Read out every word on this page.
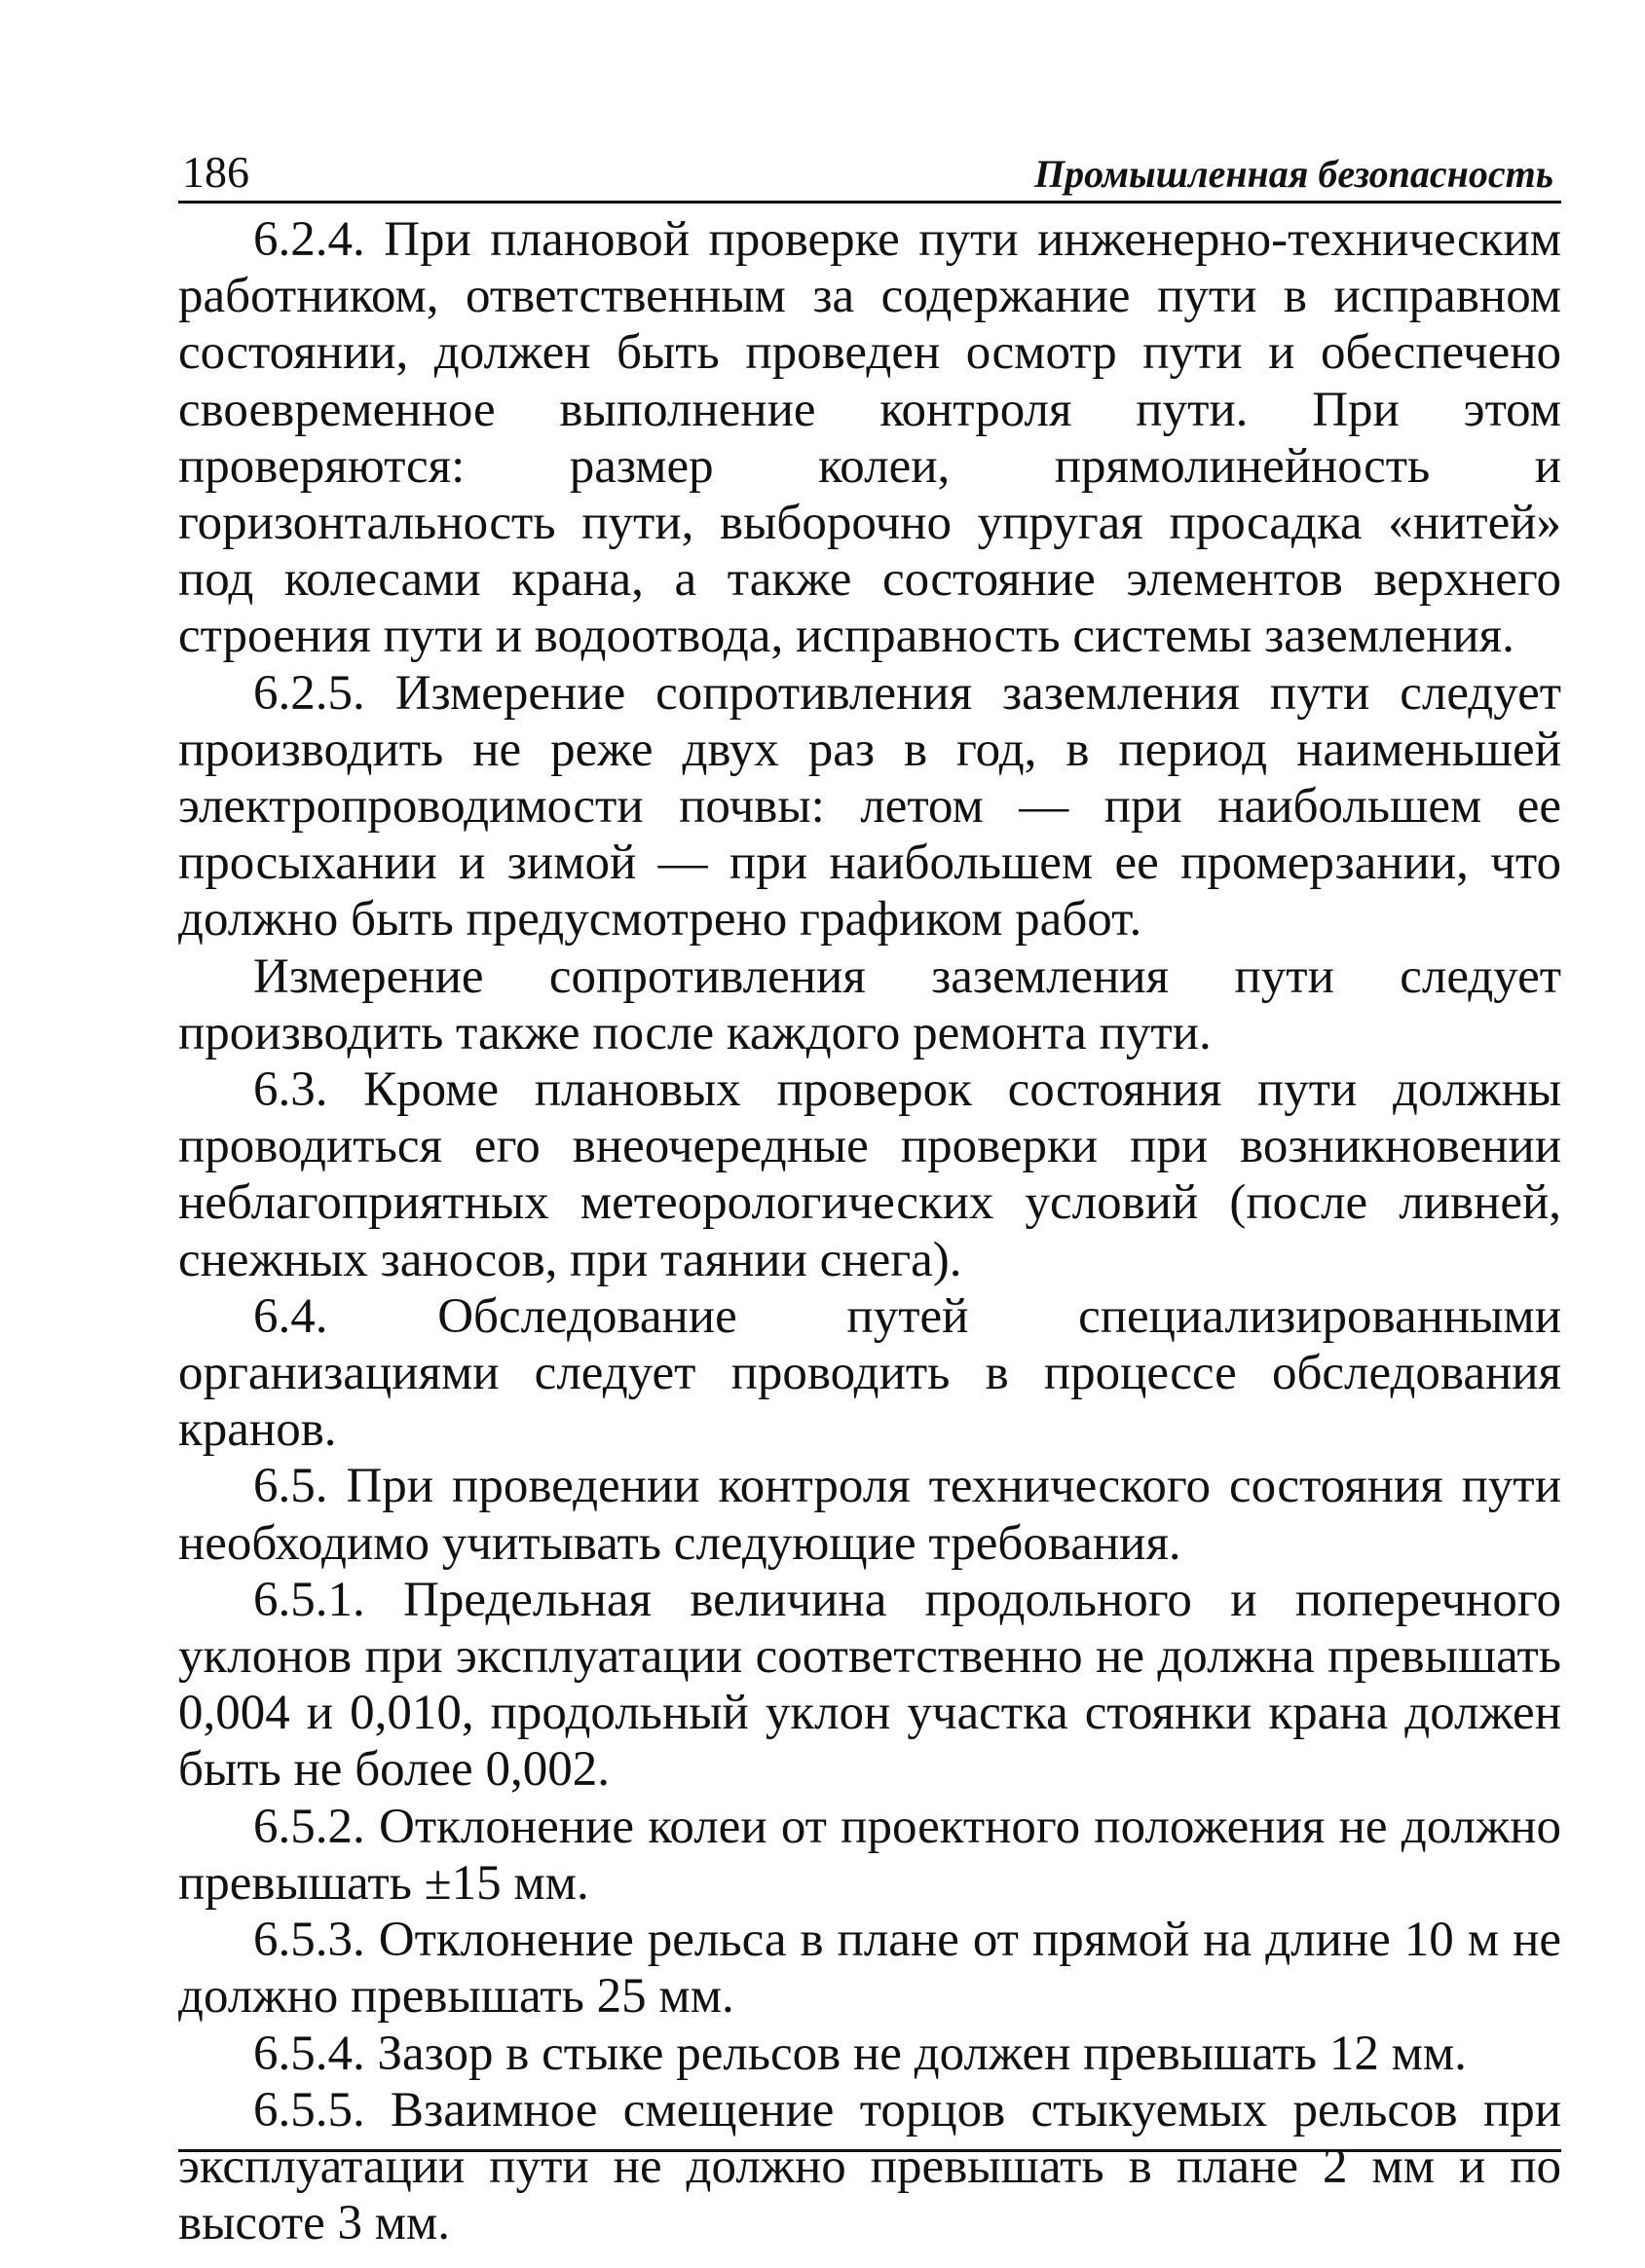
186	Промышленная безопасность

6.2.4. При плановой проверке пути инженерно-техническим работником, ответственным за содержание пути в исправном состоянии, должен быть проведен осмотр пути и обеспечено своевременное выполнение контроля пути. При этом проверяются: размер колеи, прямолинейность и горизонтальность пути, выборочно упругая просадка «нитей» под колесами крана, а также состояние элементов верхнего строения пути и водоотвода, исправность системы заземления.

6.2.5. Измерение сопротивления заземления пути следует производить не реже двух раз в год, в период наименьшей электропроводимости почвы: летом — при наибольшем ее просыхании и зимой — при наибольшем ее промерзании, что должно быть предусмотрено графиком работ.

Измерение сопротивления заземления пути следует производить также после каждого ремонта пути.

6.3. Кроме плановых проверок состояния пути должны проводиться его внеочередные проверки при возникновении неблагоприятных метеорологических условий (после ливней, снежных заносов, при таянии снега).

6.4. Обследование путей специализированными организациями следует проводить в процессе обследования кранов.

6.5. При проведении контроля технического состояния пути необходимо учитывать следующие требования.

6.5.1. Предельная величина продольного и поперечного уклонов при эксплуатации соответственно не должна превышать 0,004 и 0,010, продольный уклон участка стоянки крана должен быть не более 0,002.

6.5.2. Отклонение колеи от проектного положения не должно превышать ±15 мм.

6.5.3. Отклонение рельса в плане от прямой на длине 10 м не должно превышать 25 мм.

6.5.4. Зазор в стыке рельсов не должен превышать 12 мм.

6.5.5. Взаимное смещение торцов стыкуемых рельсов при эксплуатации пути не должно превышать в плане 2 мм и по высоте 3 мм.
